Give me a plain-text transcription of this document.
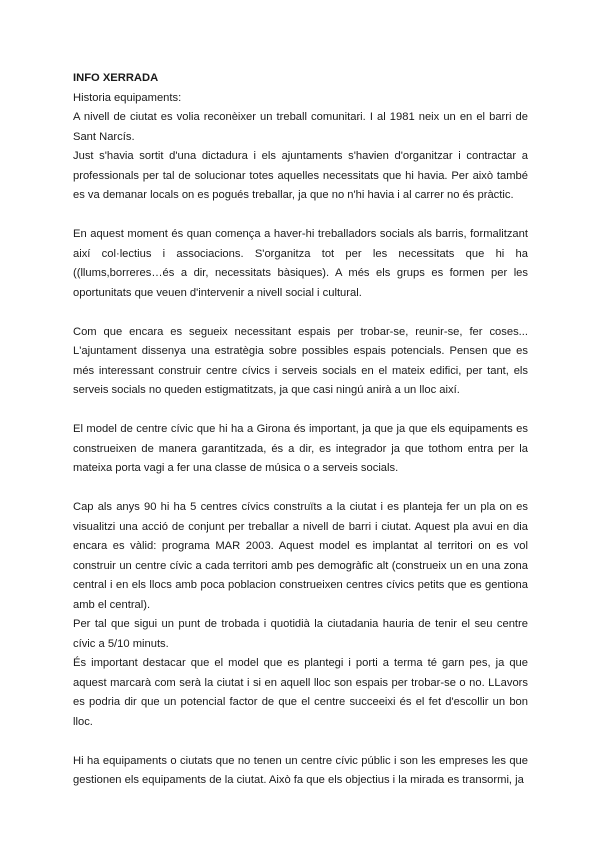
INFO XERRADA

Historia equipaments:

A nivell de ciutat es volia reconèixer un treball comunitari. I al 1981 neix un en el barri de Sant Narcís.

Just s'havia sortit d'una dictadura i els ajuntaments s'havien d'organitzar i contractar a professionals per tal de solucionar totes aquelles necessitats que hi havia. Per això també es va demanar locals on es pogués treballar, ja que no n'hi havia i al carrer no és pràctic.

En aquest moment és quan comença a haver-hi treballadors socials als barris, formalitzant així col·lectius i associacions. S'organitza tot per les necessitats que hi ha ((llums,borreres…és a dir, necessitats bàsiques). A més els grups es formen per les oportunitats que veuen d'intervenir a nivell social i cultural.

Com que encara es segueix necessitant espais per trobar-se, reunir-se, fer coses... L'ajuntament dissenya una estratègia sobre possibles espais potencials. Pensen que es més interessant construir centre cívics i serveis socials en el mateix edifici, per tant, els serveis socials no queden estigmatitzats, ja que casi ningú anirà a un lloc així.

El model de centre cívic que hi ha a Girona és important, ja que ja que els equipaments es construeixen de manera garantitzada, és a dir, es integrador ja que tothom entra per la mateixa porta vagi a fer una classe de música o a serveis socials.

Cap als anys 90 hi ha 5 centres cívics construïts a la ciutat i es planteja fer un pla on es visualitzi una acció de conjunt per treballar a nivell de barri i ciutat. Aquest pla avui en dia encara es vàlid: programa MAR 2003. Aquest model es implantat al territori on es vol construir un centre cívic a cada territori amb pes demogràfic alt (construeix un en una zona central i en els llocs amb poca poblacion construeixen centres cívics petits que es gentiona amb el central).

Per tal que sigui un punt de trobada i quotidià la ciutadania hauria de tenir el seu centre cívic a 5/10 minuts.

És important destacar que el model que es plantegi i porti a terma té garn pes, ja que aquest marcarà com serà la ciutat i si en aquell lloc son espais per trobar-se o no. LLavors es podria dir que un potencial factor de que el centre succeeixi és el fet d'escollir un bon lloc.

Hi ha equipaments o ciutats que no tenen un centre cívic públic i son les empreses les que gestionen els equipaments de la ciutat. Això fa que els objectius i la mirada es transormi, ja
